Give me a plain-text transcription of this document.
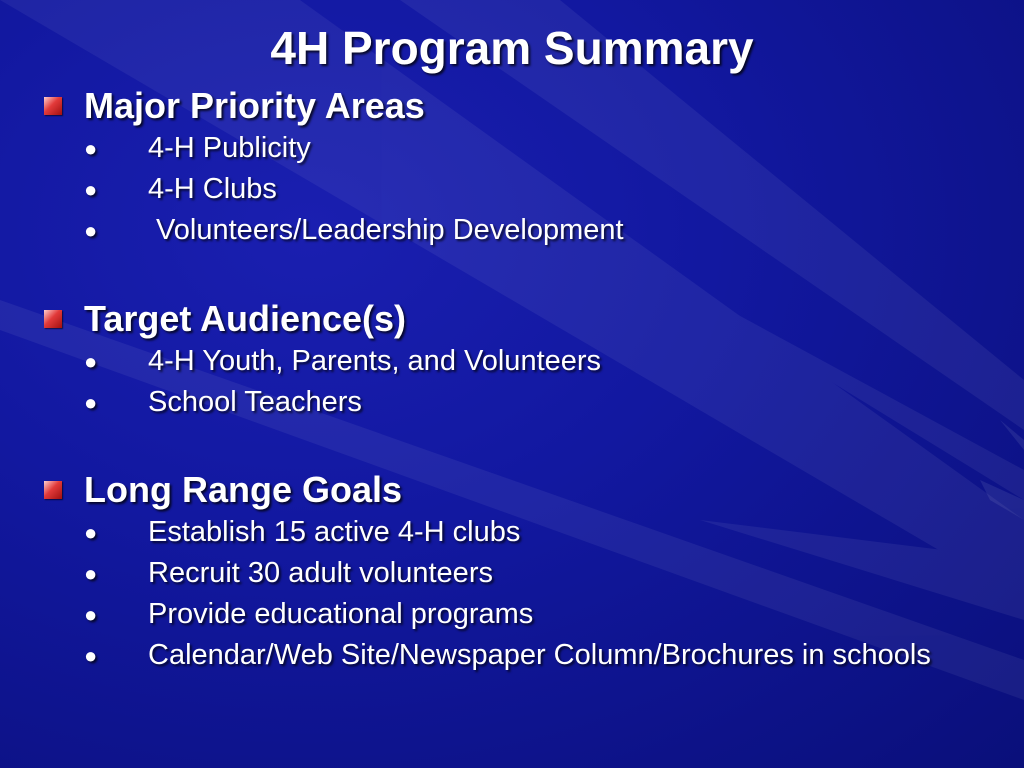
4H Program Summary
Major Priority Areas
●	4-H Publicity
●	4-H Clubs
●	Volunteers/Leadership Development
Target Audience(s)
●	4-H Youth, Parents, and Volunteers
●	School Teachers
Long Range Goals
●	Establish 15 active 4-H clubs
●	Recruit 30 adult volunteers
●	Provide educational programs
●	Calendar/Web Site/Newspaper Column/Brochures in schools
